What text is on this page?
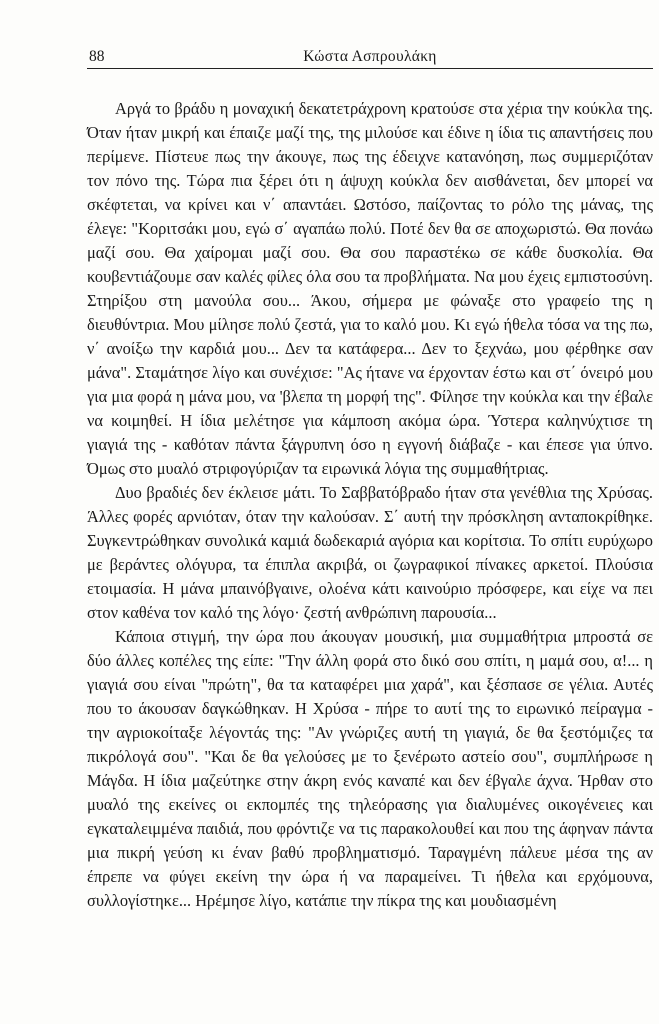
88	Κώστα Ασπρουλάκη

Αργά το βράδυ η μοναχική δεκατετράχρονη κρατούσε στα χέρια την κούκλα της. Όταν ήταν μικρή και έπαιζε μαζί της, της μιλούσε και έδινε η ίδια τις απαντήσεις που περίμενε. Πίστευε πως την άκουγε, πως της έδειχνε κατανόηση, πως συμμεριζόταν τον πόνο της. Τώρα πια ξέρει ότι η άψυχη κούκλα δεν αισθάνεται, δεν μπορεί να σκέφτεται, να κρίνει και ν΄ απαντάει. Ωστόσο, παίζοντας το ρόλο της μάνας, της έλεγε: "Κοριτσάκι μου, εγώ σ΄ αγαπάω πολύ. Ποτέ δεν θα σε αποχωριστώ. Θα πονάω μαζί σου. Θα χαίρομαι μαζί σου. Θα σου παραστέκω σε κάθε δυσκολία. Θα κουβεντιάζουμε σαν καλές φίλες όλα σου τα προβλήματα. Να μου έχεις εμπιστοσύνη. Στηρίξου στη μανούλα σου... Άκου, σήμερα με φώναξε στο γραφείο της η διευθύντρια. Μου μίλησε πολύ ζεστά, για το καλό μου. Κι εγώ ήθελα τόσα να της πω, ν΄ ανοίξω την καρδιά μου... Δεν τα κατάφερα... Δεν το ξεχνάω, μου φέρθηκε σαν μάνα". Σταμάτησε λίγο και συνέχισε: "Ας ήτανε να έρχονταν έστω και στ΄ όνειρό μου για μια φορά η μάνα μου, να 'βλεπα τη μορφή της". Φίλησε την κούκλα και την έβαλε να κοιμηθεί. Η ίδια μελέτησε για κάμποση ακόμα ώρα. Ύστερα καληνύχτισε τη γιαγιά της - καθόταν πάντα ξάγρυπνη όσο η εγγονή διάβαζε - και έπεσε για ύπνο. Όμως στο μυαλό στριφογύριζαν τα ειρωνικά λόγια της συμμαθήτριας.

Δυο βραδιές δεν έκλεισε μάτι. Το Σαββατόβραδο ήταν στα γενέθλια της Χρύσας. Άλλες φορές αρνιόταν, όταν την καλούσαν. Σ΄ αυτή την πρόσκληση ανταποκρίθηκε. Συγκεντρώθηκαν συνολικά καμιά δωδεκαριά αγόρια και κορίτσια. Το σπίτι ευρύχωρο με βεράντες ολόγυρα, τα έπιπλα ακριβά, οι ζωγραφικοί πίνακες αρκετοί. Πλούσια ετοιμασία. Η μάνα μπαινόβγαινε, ολοένα κάτι καινούριο πρόσφερε, και είχε να πει στον καθένα τον καλό της λόγο· ζεστή ανθρώπινη παρουσία...

Κάποια στιγμή, την ώρα που άκουγαν μουσική, μια συμμαθήτρια μπροστά σε δύο άλλες κοπέλες της είπε: "Την άλλη φορά στο δικό σου σπίτι, η μαμά σου, α!... η γιαγιά σου είναι "πρώτη", θα τα καταφέρει μια χαρά", και ξέσπασε σε γέλια. Αυτές που το άκουσαν δαγκώθηκαν. Η Χρύσα - πήρε το αυτί της το ειρωνικό πείραγμα - την αγριοκοίταξε λέγοντάς της: "Αν γνώριζες αυτή τη γιαγιά, δε θα ξεστόμιζες τα πικρόλογά σου". "Και δε θα γελούσες με το ξενέρωτο αστείο σου", συμπλήρωσε η Μάγδα. Η ίδια μαζεύτηκε στην άκρη ενός καναπέ και δεν έβγαλε άχνα. Ήρθαν στο μυαλό της εκείνες οι εκπομπές της τηλεόρασης για διαλυμένες οικογένειες και εγκαταλειμμένα παιδιά, που φρόντιζε να τις παρακολουθεί και που της άφηναν πάντα μια πικρή γεύση κι έναν βαθύ προβληματισμό. Ταραγμένη πάλευε μέσα της αν έπρεπε να φύγει εκείνη την ώρα ή να παραμείνει. Τι ήθελα και ερχόμουνα, συλλογίστηκε... Ηρέμησε λίγο, κατάπιε την πίκρα της και μουδιασμένη
